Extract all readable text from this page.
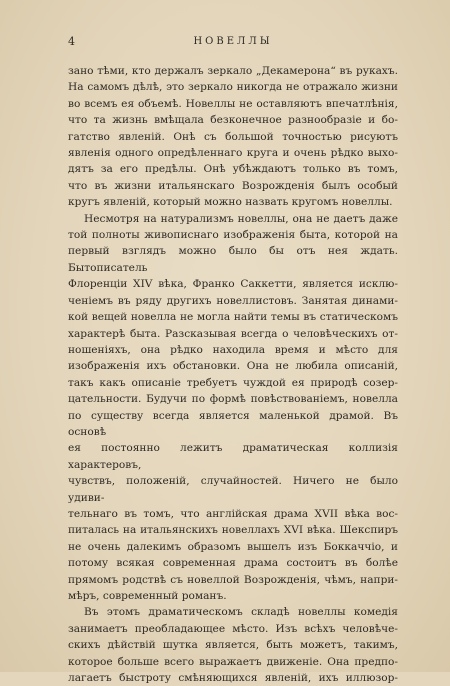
4	НОВЕЛЛЫ

зано тѣми, кто держалъ зеркало „Декамерона“ въ рукахъ.

На самомъ дѣлѣ, это зеркало никогда не отражало жизни

во всемъ ея объемѣ. Новеллы не оставляютъ впечатлѣнія,

что та жизнь вмѣщала безконечное разнообразіе и бо-

гатство явленій. Онѣ съ большой точностью рисуютъ

явленія одного опредѣленнаго круга и очень рѣдко выхо-

дятъ за его предѣлы. Онѣ убѣждаютъ только въ томъ,

что въ жизни итальянскаго Возрожденія былъ особый

кругъ явленій, который можно назвать кругомъ новеллы.

Несмотря на натурализмъ новеллы, она не даетъ даже

той полноты живописнаго изображенія быта, которой на

первый взглядъ можно было бы отъ нея ждать. Бытописатель

Флоренціи XIV вѣка, Франко Саккетти, является исклю-

ченіемъ въ ряду другихъ новеллистовъ. Занятая динами-

кой вещей новелла не могла найти темы въ статическомъ

характерѣ быта. Разсказывая всегда о человѣческихъ от-

ношеніяхъ, она рѣдко находила время и мѣсто для

изображенія ихъ обстановки. Она не любила описаній,

такъ какъ описаніе требуетъ чуждой ея природѣ созер-

цательности. Будучи по формѣ повѣствованіемъ, новелла

по существу всегда является маленькой драмой. Въ основѣ

ея постоянно лежитъ драматическая коллизія характеровъ,

чувствъ, положеній, случайностей. Ничего не было удиви-

тельнаго въ томъ, что англійская драма XVII вѣка вос-

питалась на итальянскихъ новеллахъ XVI вѣка. Шекспиръ

не очень далекимъ образомъ вышелъ изъ Боккаччіо, и

потому всякая современная драма состоитъ въ болѣе

прямомъ родствѣ съ новеллой Возрожденія, чѣмъ, напри-

мѣръ, современный романъ.

Въ этомъ драматическомъ складѣ новеллы комедія

занимаетъ преобладающее мѣсто. Изъ всѣхъ человѣче-

скихъ дѣйствій шутка является, быть можетъ, такимъ,

которое больше всего выражаетъ движеніе. Она предпо-

лагаетъ быстроту смѣняющихся явленій, ихъ иллюзор-
